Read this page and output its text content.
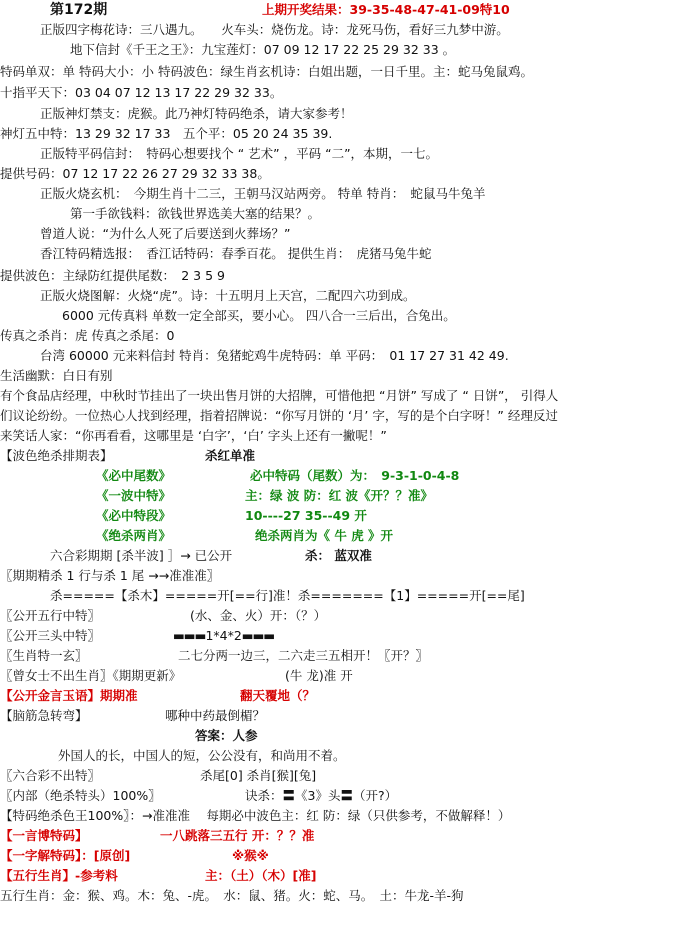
第172期	上期开奖结果：39-35-48-47-41-09特10
正版四字梅花诗：三八遇九。　　火车头：烧伤龙。诗：龙死马伤，看好三九梦中游。
地下信封《千王之王》：九宝莲灯：07 09 12 17 22 25 29 32 33 。
特码单双：单 特码大小：小 特码波色：绿生肖玄机诗：白姐出题，一日千里。主：蛇马兔鼠鸡。
十指平天下：03 04 07 12 13 17 22 29 32 33。
正版神灯禁支：虎猴。此乃神灯特码绝杀，请大家参考！
神灯五中特：13 29 32 17 33　五个平：05 20 24 35 39.
正版特平码信封：　特码心想要找个 “ 艺术” ，平码 “二”，本期，一七。
提供号码：07 12 17 22 26 27 29 32 33 38。
正版火烧玄机：　今期生肖十二三，王朝马汉站两旁。 特单 特肖：　蛇鼠马牛兔羊
第一手欲钱料：欲钱世界选美大塞的结果？。
曾道人说：“为什么人死了后要送到火葬场？”
香江特码精选报：　香江话特码：春季百花。 提供生肖：　虎猪马兔牛蛇
提供波色：主绿防红提供尾数：　2 3 5 9
正版火烧图解：火烧“虎”。诗：十五明月上天宫，二配四六功到成。
6000 元传真料 单数一定全部买，要小心。 四八合一三后出，合兔出。
传真之杀肖：虎 传真之杀尾：0
台湾 60000 元来料信封 特肖：兔猪蛇鸡牛虎特码：单 平码：　01 17 27 31 42 49.
生活幽默：白日有别
有个食品店经理，中秋时节挂出了一块出售月饼的大招牌，可惜他把 “月饼” 写成了 “ 日饼”， 引得人
们议论纷纷。一位热心人找到经理，指着招牌说：“你写月饼的 ‘月’ 字，写的是个白字呀！” 经理反过
来笑话人家：“你再看看，这哪里是 ‘白字’，‘白’ 字头上还有一撇呢！”
【波色绝杀排期表】	杀红单准
《必中尾数》	必中特码（尾数）为：　9-3-1-0-4-8
《一波中特》	主：绿 波 防：红 波《开？？准》
《必中特段》	10----27 35--49 开
《绝杀两肖》	绝杀两肖为《 牛 虎 》开
六合彩期期 [杀半波] ］→ 已公开	杀： 蓝双准
〖期期精杀 1 行与杀 1 尾 →→准准准〗
杀=====【杀木】=====开[==行]准！杀=======【1】=====开[==尾]
〖公开五行中特〗	(水、金、火）开：（？）
〖公开三头中特〗	▬▬▬1*4*2▬▬▬
〖生肖特一玄〗	二七分两一边三，二六走三五相开！〖开？〗
〖曾女士不出生肖〗《期期更新》	(牛 龙)准 开
【公开金言玉语】期期准	翻天覆地（？
【脑筋急转弯】	哪种中药最倒楣？
答案：人参
外国人的长，中国人的短，公公没有，和尚用不着。
〖六合彩不出特〗	杀尾[0] 杀肖[猴][兔]
〖内部（绝杀特头）100%〗	诀杀：〓《3》头〓（开?）
【特码绝杀色王100%〗：→准准准　 每期必中波色主：红 防：绿（只供参考，不做解释！）
【一言博特码】	一八跳落三五行 开：？？准
【一字解特码】：[原创]	※猴※
【五行生肖】-参考料	主：（土）（木）[准]
五行生肖：金：猴、鸡。木：兔、-虎。　水：鼠、猪。火：蛇、马。　土：牛龙-羊-狗
